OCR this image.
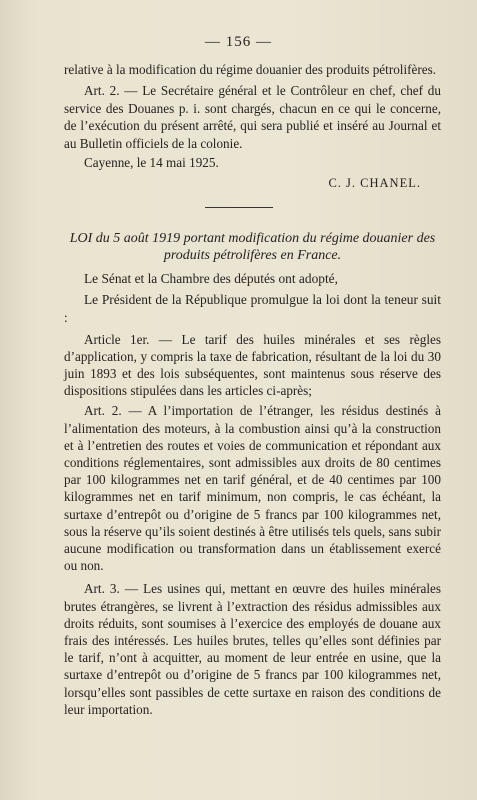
— 156 —

relative à la modification du régime douanier des produits pétrolifères.

Art. 2. — Le Secrétaire général et le Contrôleur en chef, chef du service des Douanes p. i. sont chargés, chacun en ce qui le concerne, de l’exécution du présent arrêté, qui sera publié et inséré au Journal et au Bulletin officiels de la colonie.

Cayenne, le 14 mai 1925.

C. J. CHANEL.

LOI du 5 août 1919 portant modification du régime douanier des produits pétrolifères en France.

Le Sénat et la Chambre des députés ont adopté,

Le Président de la République promulgue la loi dont la teneur suit :

Article 1er. — Le tarif des huiles minérales et ses règles d’application, y compris la taxe de fabrication, résultant de la loi du 30 juin 1893 et des lois subséquentes, sont maintenus sous réserve des dispositions stipulées dans les articles ci-après;

Art. 2. — A l’importation de l’étranger, les résidus destinés à l’alimentation des moteurs, à la combustion ainsi qu’à la construction et à l’entretien des routes et voies de communication et répondant aux conditions réglementaires, sont admissibles aux droits de 80 centimes par 100 kilogrammes net en tarif général, et de 40 centimes par 100 kilogrammes net en tarif minimum, non compris, le cas échéant, la surtaxe d’entrepôt ou d’origine de 5 francs par 100 kilogrammes net, sous la réserve qu’ils soient destinés à être utilisés tels quels, sans subir aucune modification ou transformation dans un établissement exercé ou non.

Art. 3. — Les usines qui, mettant en œuvre des huiles minérales brutes étrangères, se livrent à l’extraction des résidus admissibles aux droits réduits, sont soumises à l’exercice des employés de douane aux frais des intéressés. Les huiles brutes, telles qu’elles sont définies par le tarif, n’ont à acquitter, au moment de leur entrée en usine, que la surtaxe d’entrepôt ou d’origine de 5 francs par 100 kilogrammes net, lorsqu’elles sont passibles de cette surtaxe en raison des conditions de leur importation.
